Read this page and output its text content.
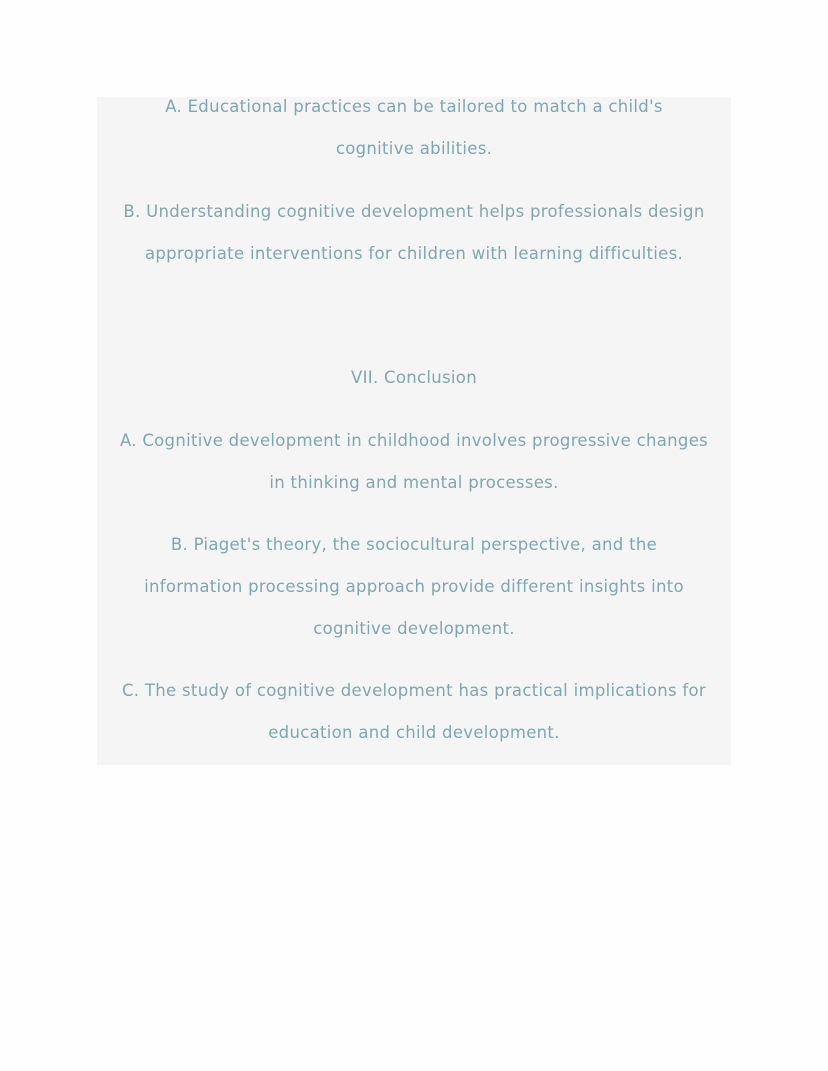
A. Educational practices can be tailored to match a child's
cognitive abilities.
B. Understanding cognitive development helps professionals design
appropriate interventions for children with learning difficulties.
VII. Conclusion
A. Cognitive development in childhood involves progressive changes
in thinking and mental processes.
B. Piaget's theory, the sociocultural perspective, and the
information processing approach provide different insights into
cognitive development.
C. The study of cognitive development has practical implications for
education and child development.
